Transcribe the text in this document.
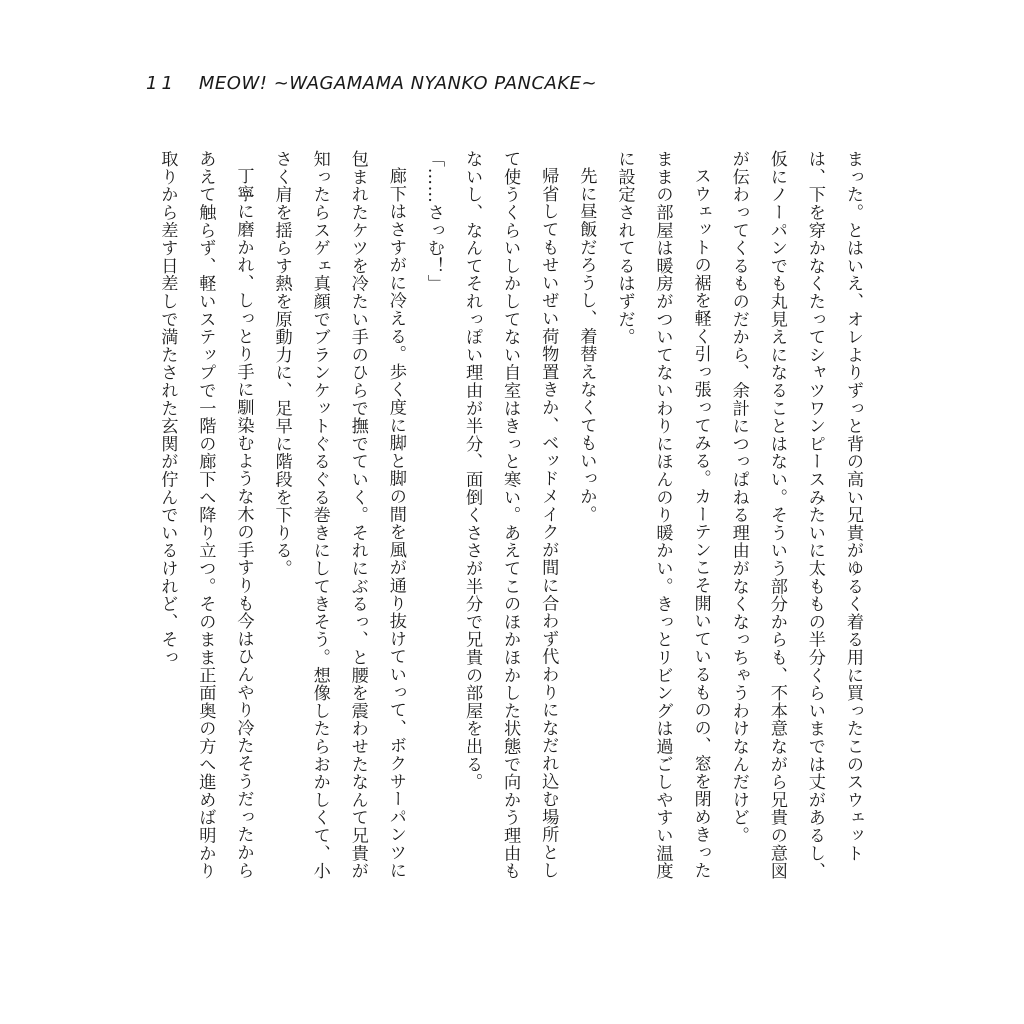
11 MEOW! ~WAGAMAMA NYANKO PANCAKE~

まった。とはいえ、オレよりずっと背の高い兄貴がゆるく着る用に買ったこのスウェットは、下を穿かなくたってシャツワンピースみたいに太ももの半分くらいまでは丈があるし、仮にノーパンでも丸見えになることはない。そういう部分からも、不本意ながら兄貴の意図が伝わってくるものだから、余計につっぱねる理由がなくなっちゃうわけなんだけど。

スウェットの裾を軽く引っ張ってみる。カーテンこそ開いているものの、窓を閉めきったままの部屋は暖房がついてないわりにほんのり暖かい。きっとリビングは過ごしやすい温度に設定されてるはずだ。

先に昼飯だろうし、着替えなくてもいっか。

帰省してもせいぜい荷物置きか、ベッドメイクが間に合わず代わりになだれ込む場所として使うくらいしかしてない自室はきっと寒い。あえてこのほかほかした状態で向かう理由もないし、なんてそれっぽい理由が半分、面倒くささが半分で兄貴の部屋を出る。

「……さっむ！」

廊下はさすがに冷える。歩く度に脚と脚の間を風が通り抜けていって、ボクサーパンツに包まれたケツを冷たい手のひらで撫でていく。それにぶるっ、と腰を震わせたなんて兄貴が知ったらスゲェ真顔でブランケットぐるぐる巻きにしてきそう。想像したらおかしくて、小さく肩を揺らす熱を原動力に、足早に階段を下りる。

丁寧に磨かれ、しっとり手に馴染むような木の手すりも今はひんやり冷たそうだったからあえて触らず、軽いステップで一階の廊下へ降り立つ。そのまま正面奥の方へ進めば明かり取りから差す日差しで満たされた玄関が佇んでいるけれど、そっ
